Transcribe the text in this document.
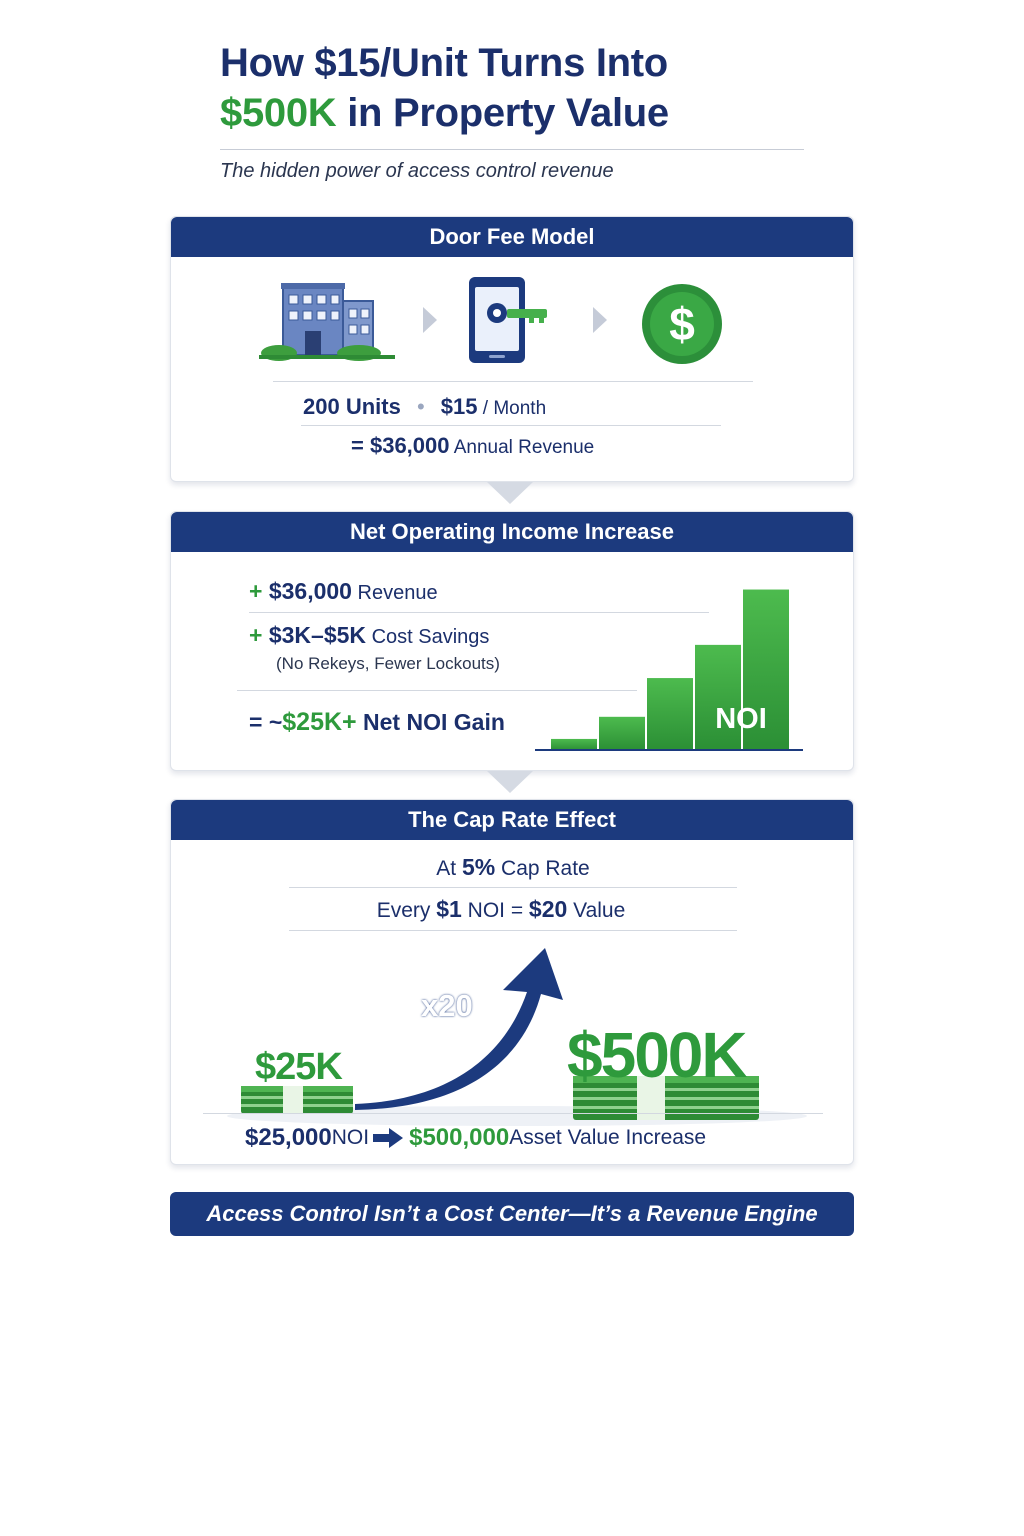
How $15/Unit Turns Into
$500K in Property Value
The hidden power of access control revenue
Door Fee Model
$
200 Units • $15 / Month
= $36,000 Annual Revenue
Net Operating Income Increase
+ $36,000 Revenue
+ $3K–$5K Cost Savings
(No Rekeys, Fewer Lockouts)
= ~$25K+ Net NOI Gain	NOI
The Cap Rate Effect
At 5% Cap Rate
Every $1 NOI = $20 Value
x20
$25K	$500K
$25,000 NOI $500,000 Asset Value Increase
Access Control Isn’t a Cost Center—It’s a Revenue Engine
